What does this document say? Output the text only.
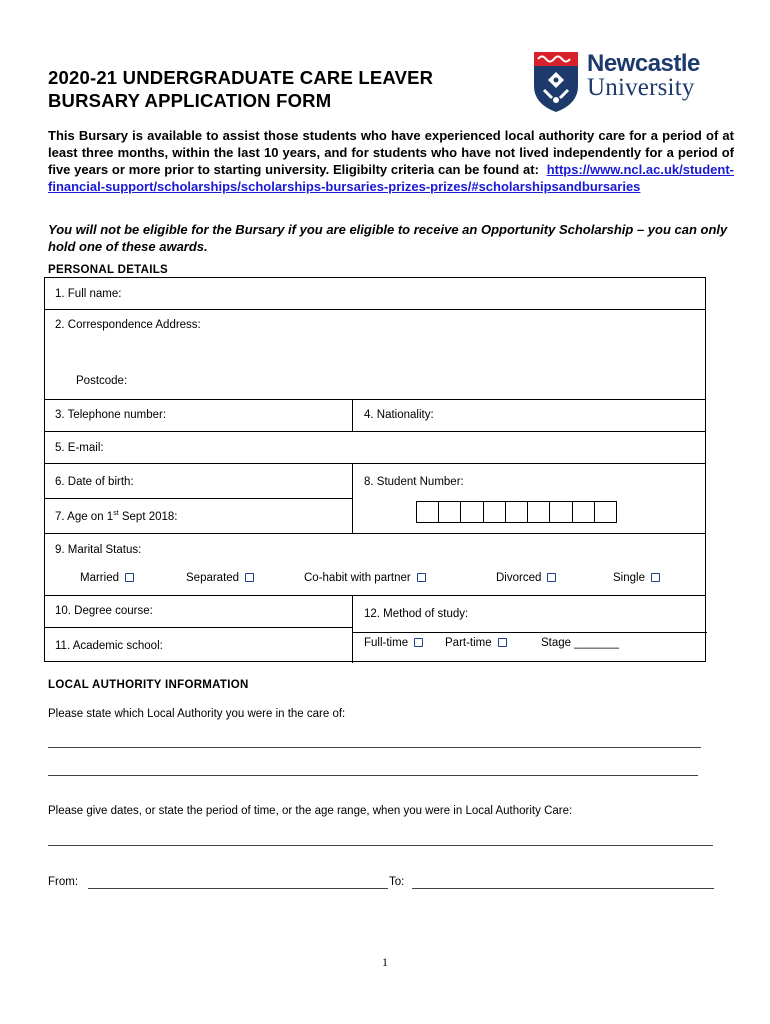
2020-21 UNDERGRADUATE CARE LEAVER
BURSARY APPLICATION FORM
Newcastle
University
This Bursary is available to assist those students who have experienced local authority care for a period of at least three months, within the last 10 years, and for students who have not lived independently for a period of five years or more prior to starting university. Eligibilty criteria can be found at: https://www.ncl.ac.uk/student-financial-support/scholarships/scholarships-bursaries-prizes-prizes/#scholarshipsandbursaries
You will not be eligible for the Bursary if you are eligible to receive an Opportunity Scholarship – you can only hold one of these awards.
PERSONAL DETAILS
1. Full name:
2. Correspondence Address:
Postcode:
3. Telephone number:	4. Nationality:
5. E-mail:
6. Date of birth:	8. Student Number:
7. Age on 1st Sept 2018:
9. Marital Status:
Married	Separated	Co-habit with partner	Divorced	Single
10. Degree course:	12. Method of study:
11. Academic school:	Full-time	Part-time	Stage _______
LOCAL AUTHORITY INFORMATION
Please state which Local Authority you were in the care of:
Please give dates, or state the period of time, or the age range, when you were in Local Authority Care:
From:	To:
1
